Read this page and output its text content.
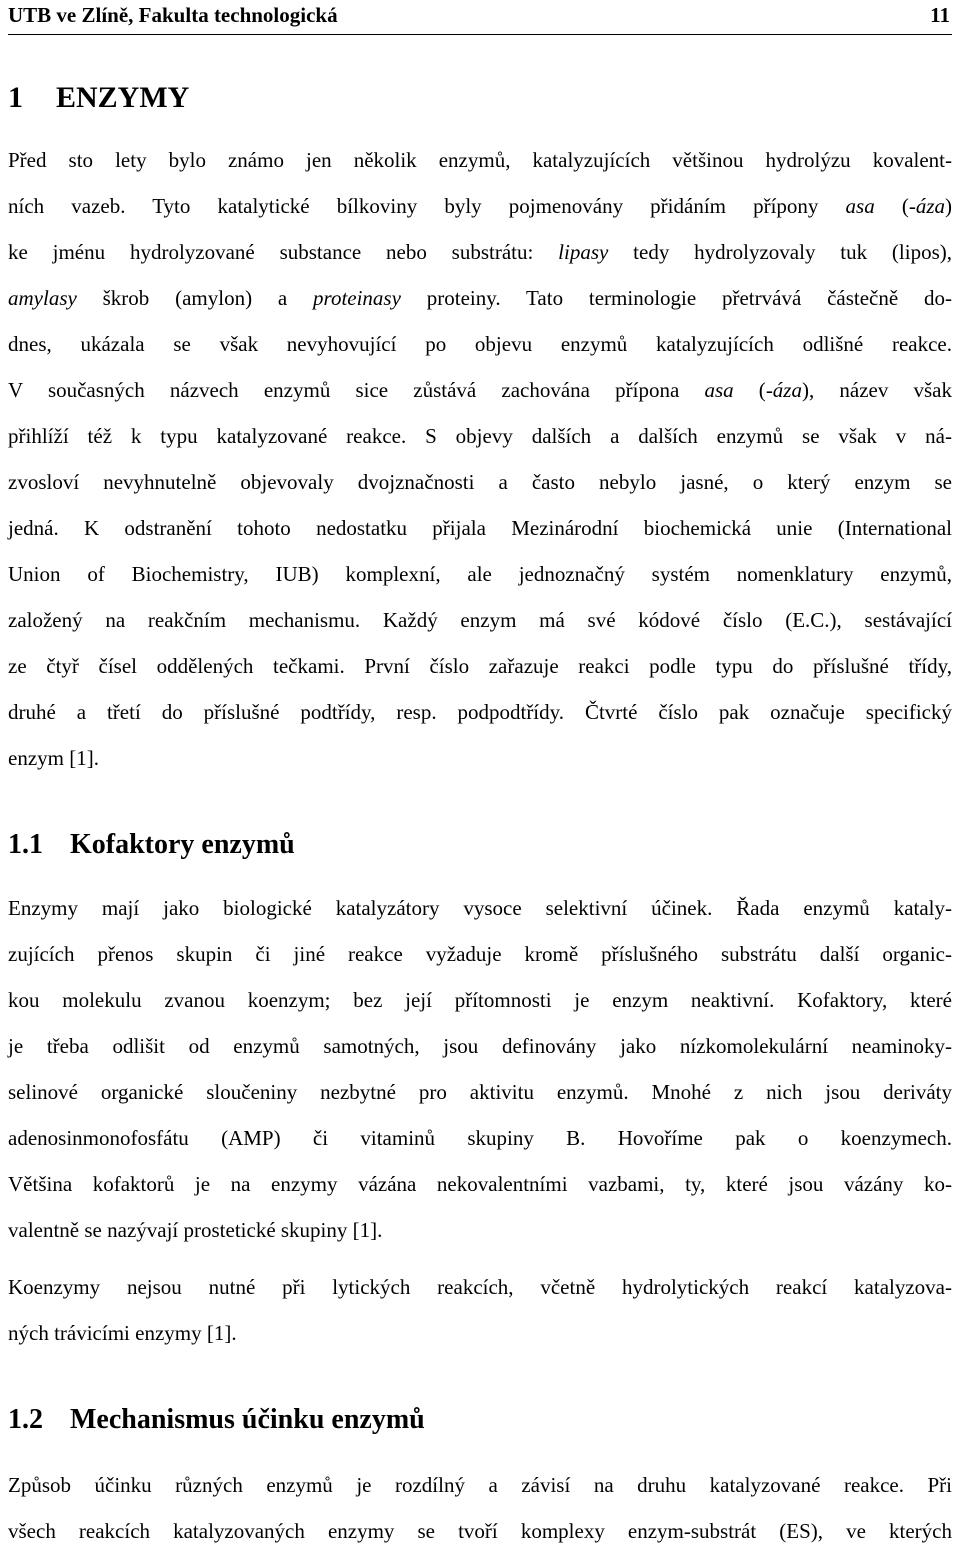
UTB ve Zlíně, Fakulta technologická	11
1 ENZYMY

Před sto lety bylo známo jen několik enzymů, katalyzujících většinou hydrolýzu kovalent-
ních vazeb. Tyto katalytické bílkoviny byly pojmenovány přidáním přípony asa (-áza)
ke jménu hydrolyzované substance nebo substrátu: lipasy tedy hydrolyzovaly tuk (lipos),
amylasy škrob (amylon) a proteinasy proteiny. Tato terminologie přetrvává částečně do-
dnes, ukázala se však nevyhovující po objevu enzymů katalyzujících odlišné reakce.
V současných názvech enzymů sice zůstává zachována přípona asa (-áza), název však
přihlíží též k typu katalyzované reakce. S objevy dalších a dalších enzymů se však v ná-
zvosloví nevyhnutelně objevovaly dvojznačnosti a často nebylo jasné, o který enzym se
jedná. K odstranění tohoto nedostatku přijala Mezinárodní biochemická unie (International
Union of Biochemistry, IUB) komplexní, ale jednoznačný systém nomenklatury enzymů,
založený na reakčním mechanismu. Každý enzym má své kódové číslo (E.C.), sestávající
ze čtyř čísel oddělených tečkami. První číslo zařazuje reakci podle typu do příslušné třídy,
druhé a třetí do příslušné podtřídy, resp. podpodtřídy. Čtvrté číslo pak označuje specifický
enzym [1].

1.1 Kofaktory enzymů

Enzymy mají jako biologické katalyzátory vysoce selektivní účinek. Řada enzymů kataly-
zujících přenos skupin či jiné reakce vyžaduje kromě příslušného substrátu další organic-
kou molekulu zvanou koenzym; bez její přítomnosti je enzym neaktivní. Kofaktory, které
je třeba odlišit od enzymů samotných, jsou definovány jako nízkomolekulární neaminoky-
selinové organické sloučeniny nezbytné pro aktivitu enzymů. Mnohé z nich jsou deriváty
adenosinmonofosfátu (AMP) či vitaminů skupiny B. Hovoříme pak o koenzymech.
Většina kofaktorů je na enzymy vázána nekovalentními vazbami, ty, které jsou vázány ko-
valentně se nazývají prostetické skupiny [1].

Koenzymy nejsou nutné při lytických reakcích, včetně hydrolytických reakcí katalyzova-
ných trávicími enzymy [1].

1.2 Mechanismus účinku enzymů

Způsob účinku různých enzymů je rozdílný a závisí na druhu katalyzované reakce. Při
všech reakcích katalyzovaných enzymy se tvoří komplexy enzym-substrát (ES), ve kterých
